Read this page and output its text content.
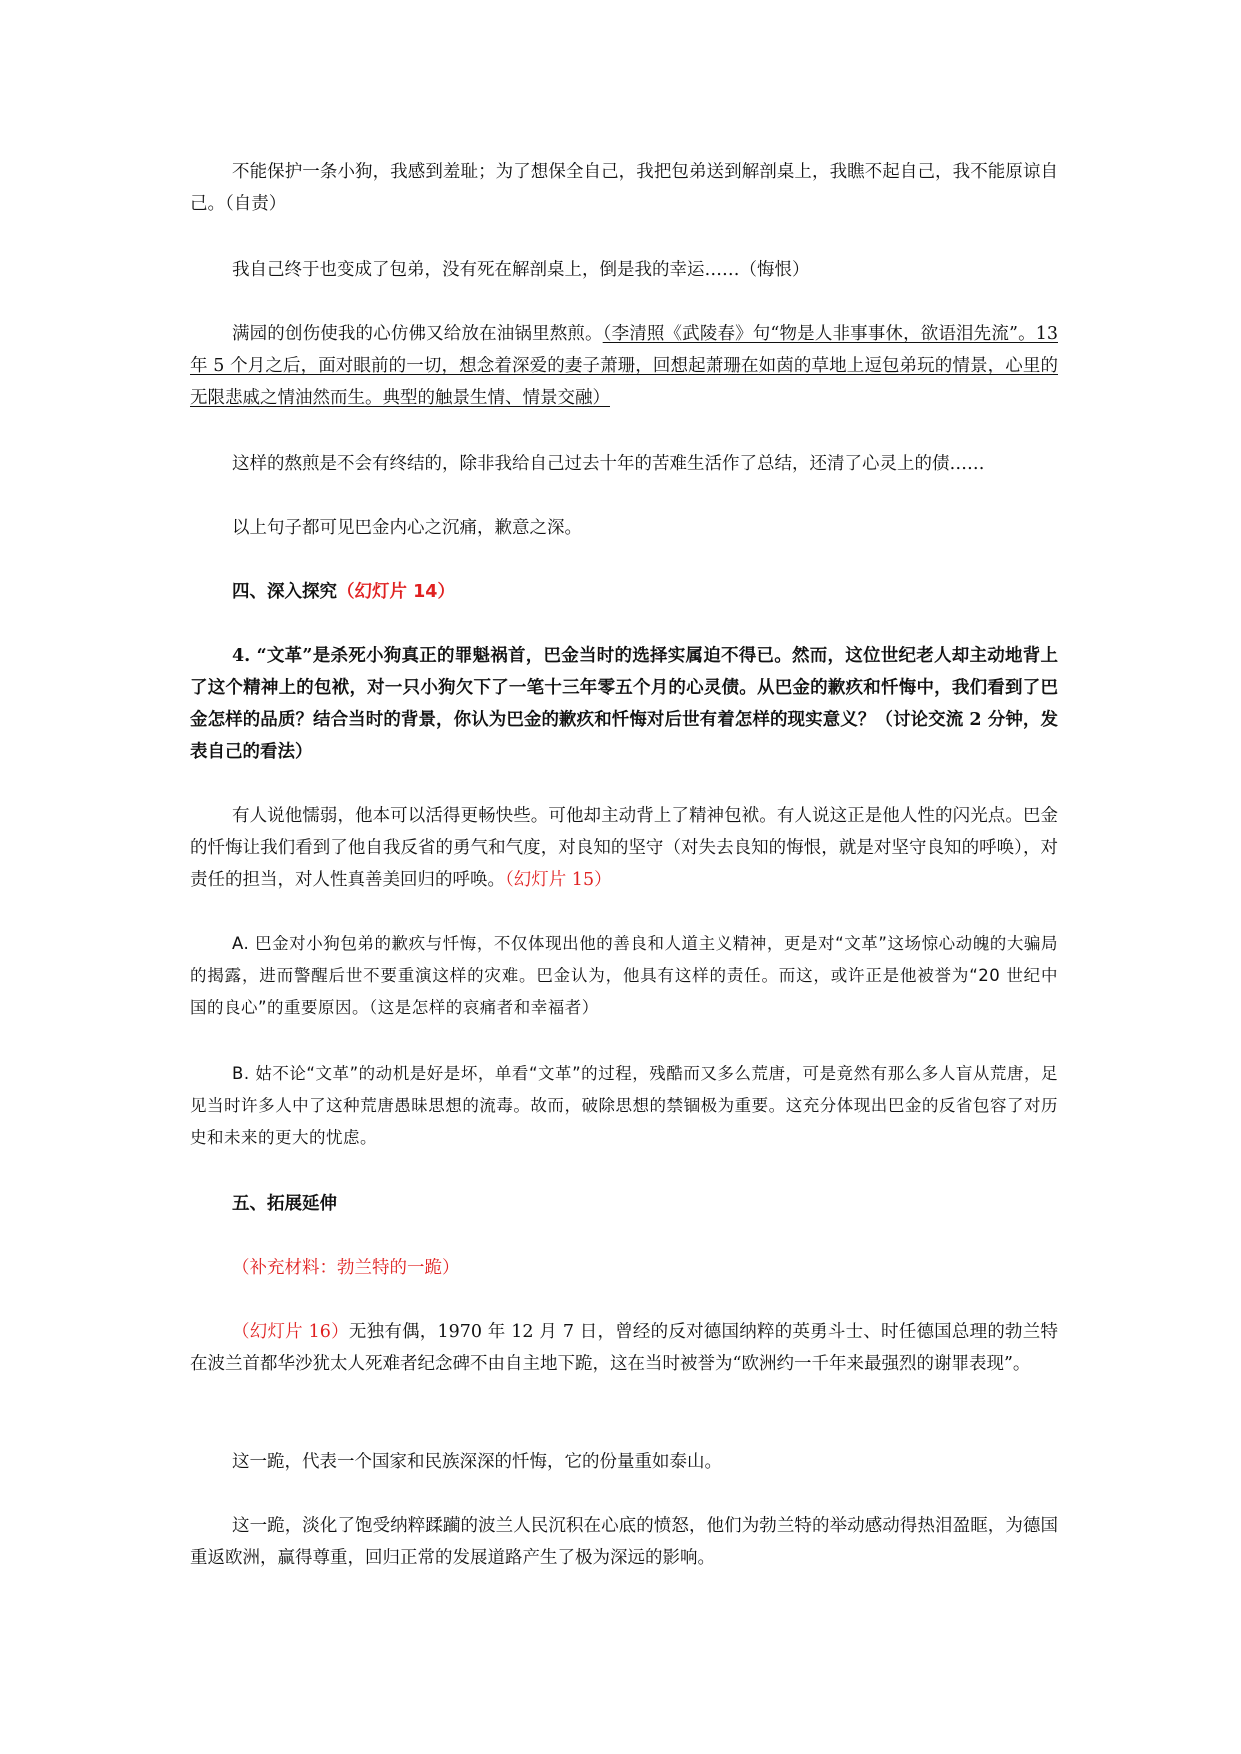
不能保护一条小狗，我感到羞耻；为了想保全自己，我把包弟送到解剖桌上，我瞧不起自己，我不能原谅自己。（自责）

我自己终于也变成了包弟，没有死在解剖桌上，倒是我的幸运……（悔恨）

满园的创伤使我的心仿佛又给放在油锅里熬煎。（李清照《武陵春》句“物是人非事事休，欲语泪先流”。13 年 5 个月之后，面对眼前的一切，想念着深爱的妻子萧珊，回想起萧珊在如茵的草地上逗包弟玩的情景，心里的无限悲戚之情油然而生。典型的触景生情、情景交融）

这样的熬煎是不会有终结的，除非我给自己过去十年的苦难生活作了总结，还清了心灵上的债……

以上句子都可见巴金内心之沉痛，歉意之深。

四、深入探究（幻灯片 14）

4. “文革”是杀死小狗真正的罪魁祸首，巴金当时的选择实属迫不得已。然而，这位世纪老人却主动地背上了这个精神上的包袱，对一只小狗欠下了一笔十三年零五个月的心灵债。从巴金的歉疚和忏悔中，我们看到了巴金怎样的品质？结合当时的背景，你认为巴金的歉疚和忏悔对后世有着怎样的现实意义？（讨论交流 2 分钟，发表自己的看法）

有人说他懦弱，他本可以活得更畅快些。可他却主动背上了精神包袱。有人说这正是他人性的闪光点。巴金的忏悔让我们看到了他自我反省的勇气和气度，对良知的坚守（对失去良知的悔恨，就是对坚守良知的呼唤），对责任的担当，对人性真善美回归的呼唤。（幻灯片 15）

A. 巴金对小狗包弟的歉疚与忏悔，不仅体现出他的善良和人道主义精神，更是对“文革”这场惊心动魄的大骗局的揭露，进而警醒后世不要重演这样的灾难。巴金认为，他具有这样的责任。而这，或许正是他被誉为“20 世纪中国的良心”的重要原因。（这是怎样的哀痛者和幸福者）

B. 姑不论“文革”的动机是好是坏，单看“文革”的过程，残酷而又多么荒唐，可是竟然有那么多人盲从荒唐，足见当时许多人中了这种荒唐愚昧思想的流毒。故而，破除思想的禁锢极为重要。这充分体现出巴金的反省包容了对历史和未来的更大的忧虑。

五、拓展延伸

（补充材料：勃兰特的一跪）

（幻灯片 16）无独有偶，1970 年 12 月 7 日，曾经的反对德国纳粹的英勇斗士、时任德国总理的勃兰特在波兰首都华沙犹太人死难者纪念碑不由自主地下跪，这在当时被誉为“欧洲约一千年来最强烈的谢罪表现”。

这一跪，代表一个国家和民族深深的忏悔，它的份量重如泰山。

这一跪，淡化了饱受纳粹蹂躏的波兰人民沉积在心底的愤怒，他们为勃兰特的举动感动得热泪盈眶，为德国重返欧洲，赢得尊重，回归正常的发展道路产生了极为深远的影响。
